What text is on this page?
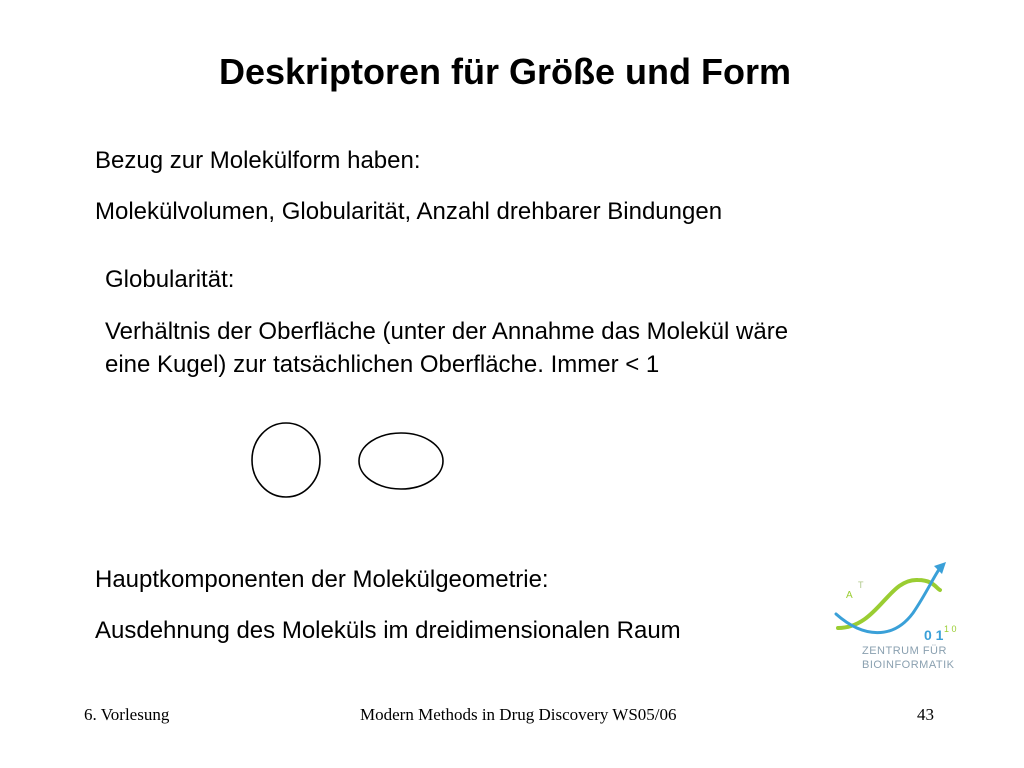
Deskriptoren für Größe und Form
Bezug zur Molekülform haben:
Molekülvolumen, Globularität, Anzahl drehbarer Bindungen
Globularität:
Verhältnis der Oberfläche (unter der Annahme das Molekül wäre
eine Kugel) zur tatsächlichen Oberfläche. Immer < 1
Hauptkomponenten der Molekülgeometrie:
Ausdehnung des Moleküls im dreidimensionalen Raum
A
T
0 1 1 0
ZENTRUM FÜR
BIOINFORMATIK
6. Vorlesung	Modern Methods in Drug Discovery WS05/06	43
